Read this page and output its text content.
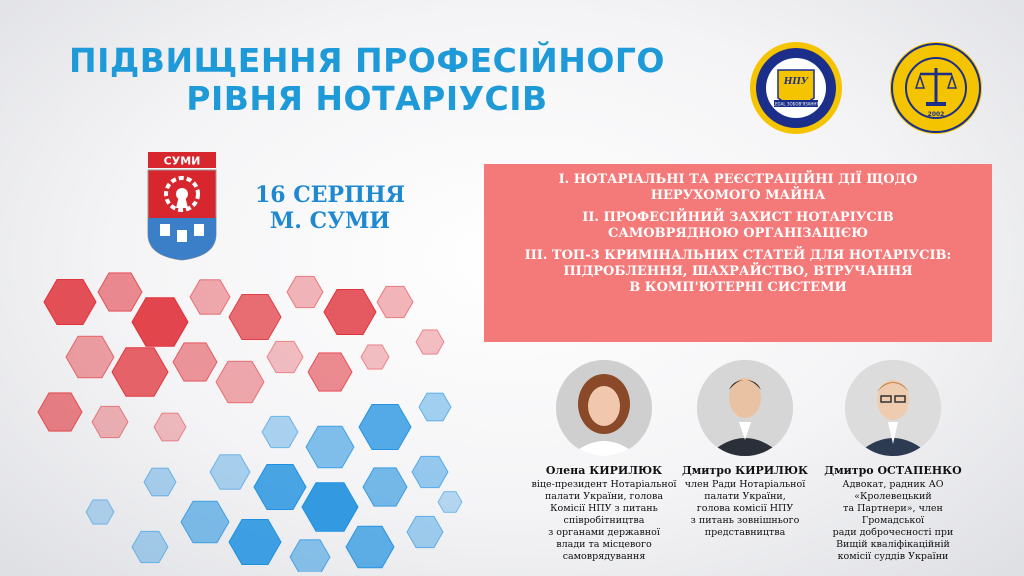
ПІДВИЩЕННЯ ПРОФЕСІЙНОГО
РІВНЯ НОТАРІУСІВ	НПУ
LEGAL ЗОБОВ'ЯЗАННЯ
2002
СУМИ
16 СЕРПНЯ
М. СУМИ
І. НОТАРІАЛЬНІ ТА РЕЄСТРАЦІЙНІ ДІЇ ЩОДО
НЕРУХОМОГО МАЙНА
ІІ. ПРОФЕСІЙНИЙ ЗАХИСТ НОТАРІУСІВ
САМОВРЯДНОЮ ОРГАНІЗАЦІЄЮ
ІІІ. ТОП-3 КРИМІНАЛЬНИХ СТАТЕЙ ДЛЯ НОТАРІУСІВ:
ПІДРОБЛЕННЯ, ШАХРАЙСТВО, ВТРУЧАННЯ
В КОМП'ЮТЕРНІ СИСТЕМИ
Олена КИРИЛЮК
віце-президент Нотаріальної
палати України, голова
Комісії НПУ з питань
співробітництва
з органами державної
влади та місцевого
самоврядування
Дмитро КИРИЛЮК
член Ради Нотаріальної
палати України,
голова комісії НПУ
з питань зовнішнього
представництва
Дмитро ОСТАПЕНКО
Адвокат, радник АО «Кролевецький
та Партнери», член Громадської
ради доброчесності при
Вищій кваліфікаційній
комісії суддів України
